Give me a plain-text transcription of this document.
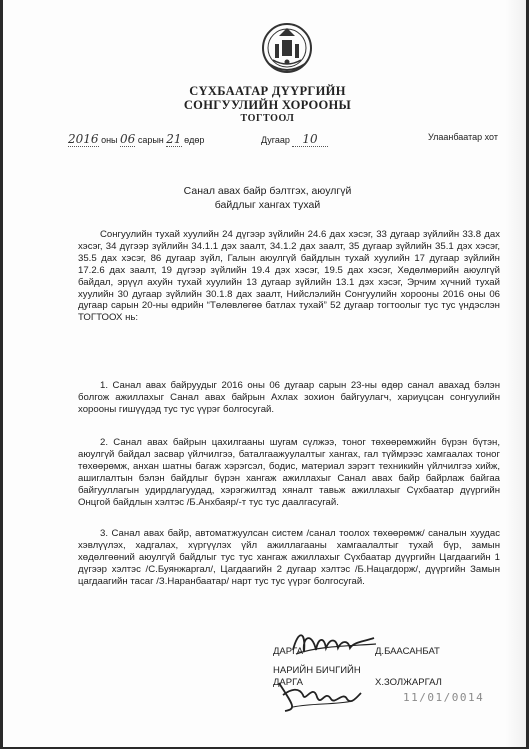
СҮХБААТАР ДҮҮРГИЙН
СОНГУУЛИЙН ХОРООНЫ
ТОГТООЛ
2016 оны 06 сарын 21 өдөр	Дугаар 10	Улаанбаатар хот
Санал авах байр бэлтгэх, аюулгүй
байдлыг хангах тухай

Сонгуулийн тухай хуулийн 24 дүгээр зүйлийн 24.6 дах хэсэг, 33 дугаар зүйлийн 33.8 дах хэсэг, 34 дүгээр зүйлийн 34.1.1 дэх заалт, 34.1.2 дах заалт, 35 дугаар зүйлийн 35.1 дэх хэсэг, 35.5 дах хэсэг, 86 дугаар зүйл, Галын аюулгүй байдлын тухай хуулийн 17 дугаар зүйлийн 17.2.6 дах заалт, 19 дүгээр зүйлийн 19.4 дэх хэсэг, 19.5 дах хэсэг, Хөдөлмөрийн аюулгүй байдал, эрүүл ахуйн тухай хуулийн 13 дугаар зүйлийн 13.1 дэх хэсэг, Эрчим хүчний тухай хуулийн 30 дугаар зүйлийн 30.1.8 дах заалт, Нийслэлийн Сонгуулийн хорооны 2016 оны 06 дугаар сарын 20-ны өдрийн “Төлөвлөгөө батлах тухай” 52 дугаар тогтоолыг тус тус үндэслэн ТОГТООХ нь:

1. Санал авах байруудыг 2016 оны 06 дугаар сарын 23-ны өдөр санал авахад бэлэн болгож ажиллахыг Санал авах байрын Ахлах зохион байгуулагч, хариуцсан сонгуулийн хорооны гишүүдэд тус тус үүрэг болгосугай.

2. Санал авах байрын цахилгааны шугам сүлжээ, тоног төхөөрөмжийн бүрэн бүтэн, аюулгүй байдал засвар үйлчилгээ, баталгаажуулалтыг хангах, гал түймрээс хамгаалах тоног төхөөрөмж, анхан шатны багаж хэрэгсэл, бодис, материал зэрэгт техникийн үйлчилгээ хийж, ашиглалтын бэлэн байдлыг бүрэн хангаж ажиллахыг Санал авах байр байрлаж байгаа байгууллагын удирдлагуудад, хэрэгжилтэд хяналт тавьж ажиллахыг Сүхбаатар дүүргийн Онцгой байдлын хэлтэс /Б.Анхбаяр/-т тус тус даалгасугай.

3. Санал авах байр, автоматжуулсан систем /санал тоолох төхөөрөмж/ саналын хуудас хэвлүүлэх, хадгалах, хүргүүлэх үйл ажиллагааны хамгаалалтыг тухай бүр, замын хөдөлгөөний аюулгүй байдлыг тус тус хангаж ажиллахыг Сүхбаатар дүүргийн Цагдаагийн 1 дүгээр хэлтэс /С.Буянжаргал/, Цагдаагийн 2 дугаар хэлтэс /Б.Нацагдорж/, дүүргийн Замын цагдаагийн тасаг /З.Наранбаатар/ нарт тус тус үүрэг болгосугай.

ДАРГА	Д.БААСАНБАТ
НАРИЙН БИЧГИЙН
ДАРГА	Х.ЗОЛЖАРГАЛ
11/01/0014
